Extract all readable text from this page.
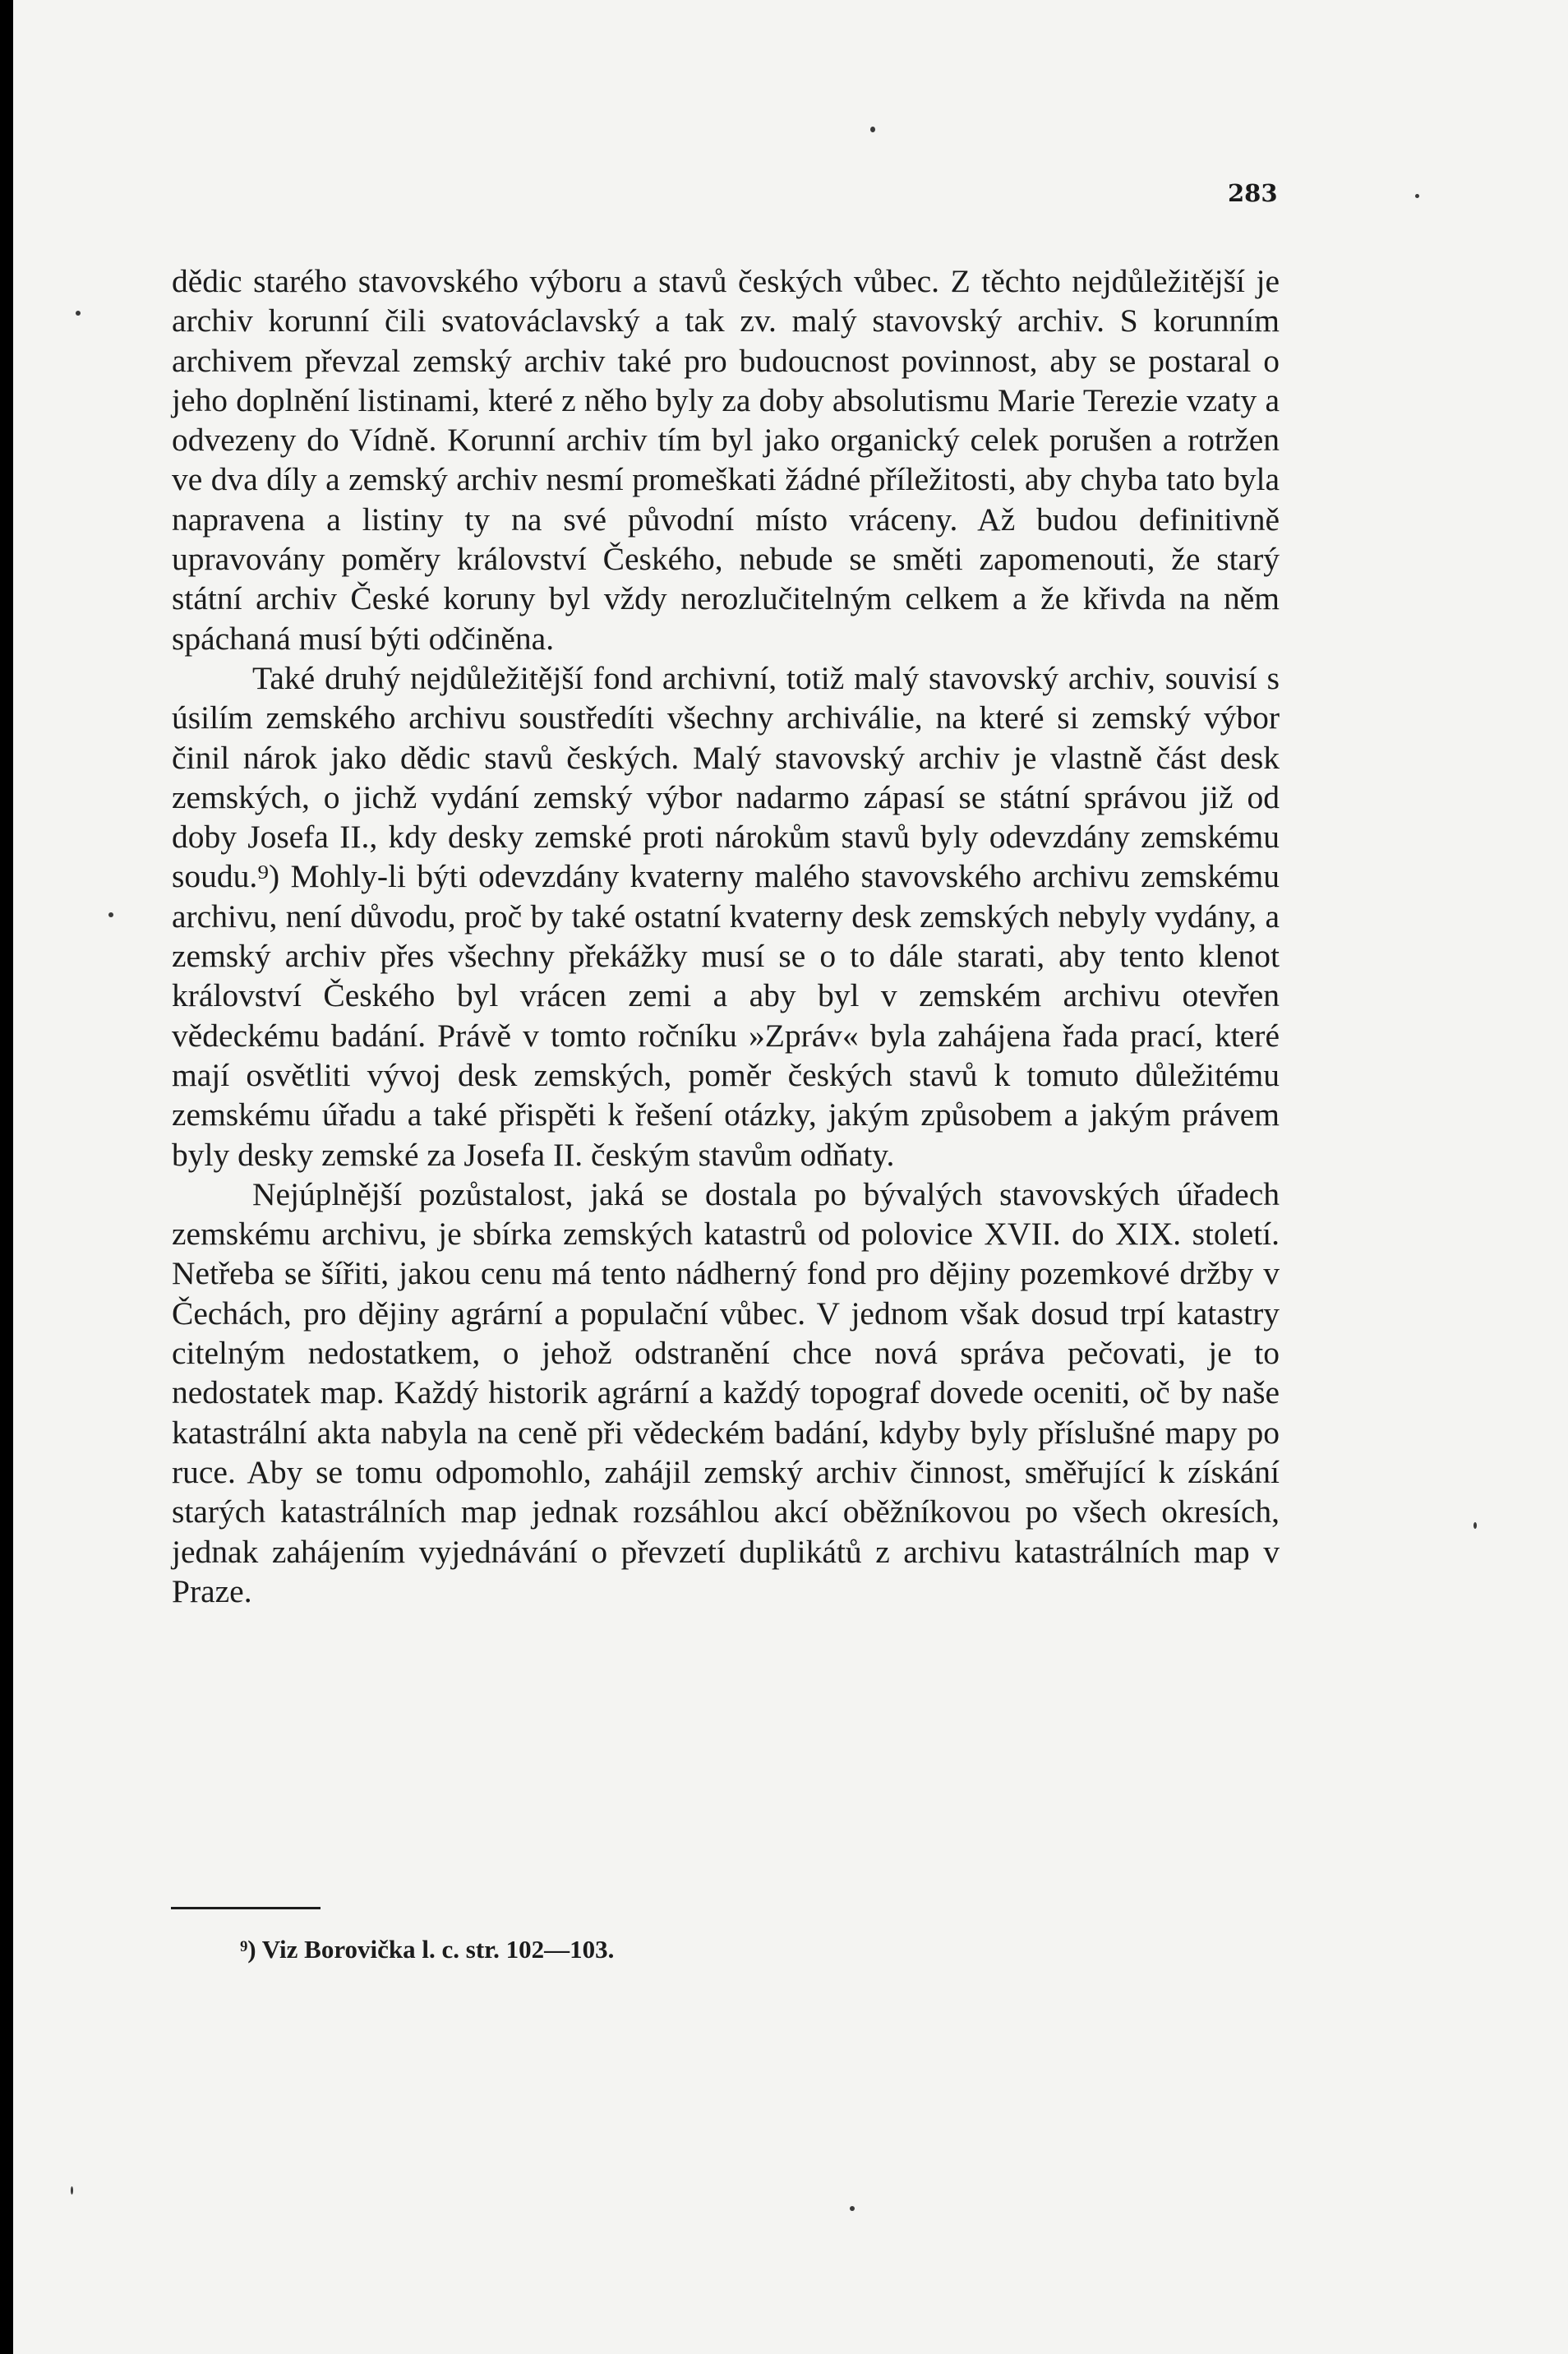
283

dědic starého stavovského výboru a stavů českých vůbec. Z těchto nejdůležitější je archiv korunní čili svatováclavský a tak zv. malý stavovský archiv. S korunním archivem převzal zemský archiv také pro budoucnost povinnost, aby se postaral o jeho doplnění listinami, které z něho byly za doby absolutismu Marie Terezie vzaty a odvezeny do Vídně. Korunní archiv tím byl jako organický celek porušen a rotržen ve dva díly a zemský archiv nesmí promeškati žádné příležitosti, aby chyba tato byla napravena a listiny ty na své původní místo vráceny. Až budou definitivně upravovány poměry království Českého, nebude se směti zapomenouti, že starý státní archiv České koruny byl vždy nerozlučitelným celkem a že křivda na něm spáchaná musí býti odčiněna.

Také druhý nejdůležitější fond archivní, totiž malý stavovský archiv, souvisí s úsilím zemského archivu soustředíti všechny archiválie, na které si zemský výbor činil nárok jako dědic stavů českých. Malý stavovský archiv je vlastně část desk zemských, o jichž vydání zemský výbor nadarmo zápasí se státní správou již od doby Josefa II., kdy desky zemské proti nárokům stavů byly odevzdány zemskému soudu.⁹) Mohly-li býti odevzdány kvaterny malého stavovského archivu zemskému archivu, není důvodu, proč by také ostatní kvaterny desk zemských nebyly vydány, a zemský archiv přes všechny překážky musí se o to dále starati, aby tento klenot království Českého byl vrácen zemi a aby byl v zemském archivu otevřen vědeckému badání. Právě v tomto ročníku »Zpráv« byla zahájena řada prací, které mají osvětliti vývoj desk zemských, poměr českých stavů k tomuto důležitému zemskému úřadu a také přispěti k řešení otázky, jakým způsobem a jakým právem byly desky zemské za Josefa II. českým stavům odňaty.

Nejúplnější pozůstalost, jaká se dostala po bývalých stavovských úřadech zemskému archivu, je sbírka zemských katastrů od polovice XVII. do XIX. století. Netřeba se šířiti, jakou cenu má tento nádherný fond pro dějiny pozemkové držby v Čechách, pro dějiny agrární a populační vůbec. V jednom však dosud trpí katastry citelným nedostatkem, o jehož odstranění chce nová správa pečovati, je to nedostatek map. Každý historik agrární a každý topograf dovede oceniti, oč by naše katastrální akta nabyla na ceně při vědeckém badání, kdyby byly příslušné mapy po ruce. Aby se tomu odpomohlo, zahájil zemský archiv činnost, směřující k získání starých katastrálních map jednak rozsáhlou akcí oběžníkovou po všech okresích, jednak zahájením vyjednávání o převzetí duplikátů z archivu katastrálních map v Praze.

⁹) Viz Borovička l. c. str. 102—103.
